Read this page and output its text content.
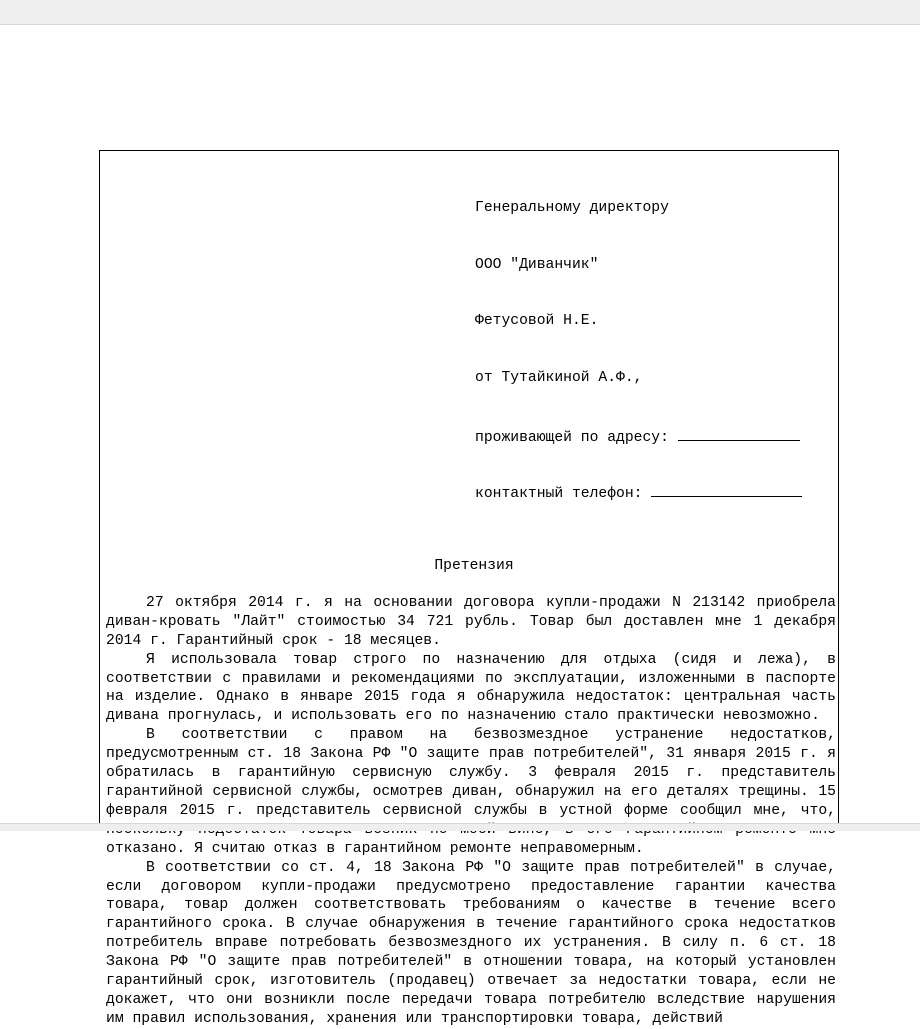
Генеральному директору

ООО "Диванчик"

Фетусовой Н.Е.

от Тутайкиной А.Ф.,

проживающей по адресу:

контактный телефон:

Претензия

27 октября 2014 г. я на основании договора купли-продажи N 213142 приобрела диван-кровать "Лайт" стоимостью 34 721 рубль. Товар был доставлен мне 1 декабря 2014 г. Гарантийный срок - 18 месяцев.

Я использовала товар строго по назначению для отдыха (сидя и лежа), в соответствии с правилами и рекомендациями по эксплуатации, изложенными в паспорте на изделие. Однако в январе 2015 года я обнаружила недостаток: центральная часть дивана прогнулась, и использовать его по назначению стало практически невозможно.

В соответствии с правом на безвозмездное устранение недостатков, предусмотренным ст. 18 Закона РФ "О защите прав потребителей", 31 января 2015 г. я обратилась в гарантийную сервисную службу. 3 февраля 2015 г. представитель гарантийной сервисной службы, осмотрев диван, обнаружил на его деталях трещины. 15 февраля 2015 г. представитель сервисной службы в устной форме сообщил мне, что, отказано. Я считаю отказ в гарантийном ремонте неправомерным.

В соответствии со ст. 4, 18 Закона РФ "О защите прав потребителей" в случае, если договором купли-продажи предусмотрено предоставление гарантии качества товара, товар должен соответствовать требованиям о качестве в течение всего гарантийного срока. В случае обнаружения в течение гарантийного срока недостатков потребитель вправе потребовать безвозмездного их устранения. В силу п. 6 ст. 18 Закона РФ "О защите прав потребителей" в отношении товара, на который установлен гарантийный срок, изготовитель (продавец) отвечает за недостатки товара, если не докажет, что они возникли после передачи товара потребителю вследствие нарушения им правил использования, хранения или транспортировки товара, действий
